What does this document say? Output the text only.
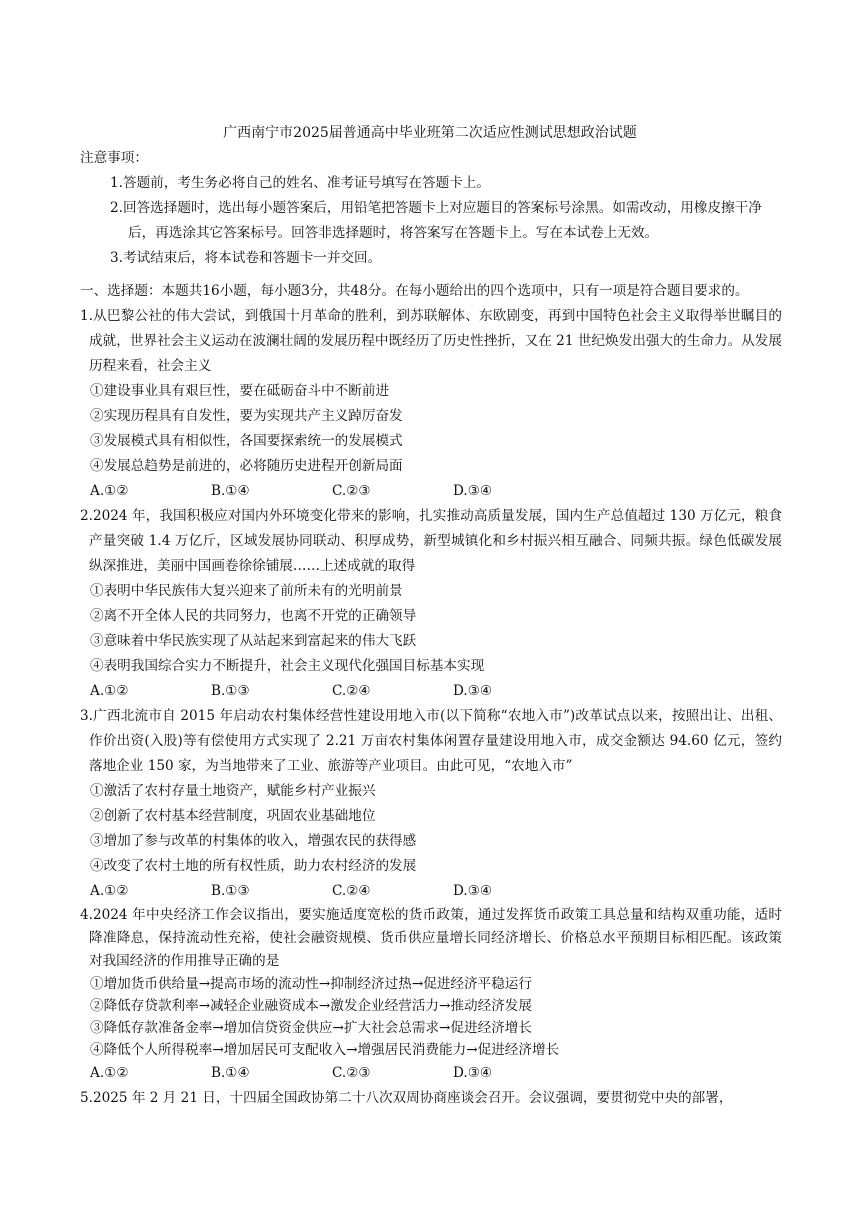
广西南宁市2025届普通高中毕业班第二次适应性测试思想政治试题

注意事项：

1.答题前，考生务必将自己的姓名、准考证号填写在答题卡上。

2.回答选择题时，选出每小题答案后，用铅笔把答题卡上对应题目的答案标号涂黑。如需改动，用橡皮擦干净后，再选涂其它答案标号。回答非选择题时，将答案写在答题卡上。写在本试卷上无效。

3.考试结束后，将本试卷和答题卡一并交回。

一、选择题：本题共16小题，每小题3分，共48分。在每小题给出的四个选项中，只有一项是符合题目要求的。

1.从巴黎公社的伟大尝试，到俄国十月革命的胜利，到苏联解体、东欧剧变，再到中国特色社会主义取得举世瞩目的成就，世界社会主义运动在波澜壮阔的发展历程中既经历了历史性挫折，又在 21 世纪焕发出强大的生命力。从发展历程来看，社会主义

①建设事业具有艰巨性，要在砥砺奋斗中不断前进

②实现历程具有自发性，要为实现共产主义踔厉奋发

③发展模式具有相似性，各国要探索统一的发展模式

④发展总趋势是前进的，必将随历史进程开创新局面

A.①②	B.①④	C.②③	D.③④

2.2024 年，我国积极应对国内外环境变化带来的影响，扎实推动高质量发展，国内生产总值超过 130 万亿元，粮食产量突破 1.4 万亿斤，区域发展协同联动、积厚成势，新型城镇化和乡村振兴相互融合、同频共振。绿色低碳发展纵深推进，美丽中国画卷徐徐铺展……上述成就的取得

①表明中华民族伟大复兴迎来了前所未有的光明前景

②离不开全体人民的共同努力，也离不开党的正确领导

③意味着中华民族实现了从站起来到富起来的伟大飞跃

④表明我国综合实力不断提升，社会主义现代化强国目标基本实现

A.①②	B.①③	C.②④	D.③④

3.广西北流市自 2015 年启动农村集体经营性建设用地入市(以下简称“农地入市”)改革试点以来，按照出让、出租、作价出资(入股)等有偿使用方式实现了 2.21 万亩农村集体闲置存量建设用地入市，成交金额达 94.60 亿元，签约落地企业 150 家，为当地带来了工业、旅游等产业项目。由此可见，“农地入市”

①激活了农村存量土地资产，赋能乡村产业振兴

②创新了农村基本经营制度，巩固农业基础地位

③增加了参与改革的村集体的收入，增强农民的获得感

④改变了农村土地的所有权性质，助力农村经济的发展

A.①②	B.①③	C.②④	D.③④

4.2024 年中央经济工作会议指出，要实施适度宽松的货币政策，通过发挥货币政策工具总量和结构双重功能，适时降准降息，保持流动性充裕，使社会融资规模、货币供应量增长同经济增长、价格总水平预期目标相匹配。该政策对我国经济的作用推导正确的是

①增加货币供给量→提高市场的流动性→抑制经济过热→促进经济平稳运行

②降低存贷款利率→减轻企业融资成本→激发企业经营活力→推动经济发展

③降低存款准备金率→增加信贷资金供应→扩大社会总需求→促进经济增长

④降低个人所得税率→增加居民可支配收入→增强居民消费能力→促进经济增长

A.①②	B.①④	C.②③	D.③④

5.2025 年 2 月 21 日，十四届全国政协第二十八次双周协商座谈会召开。会议强调，要贯彻党中央的部署，
